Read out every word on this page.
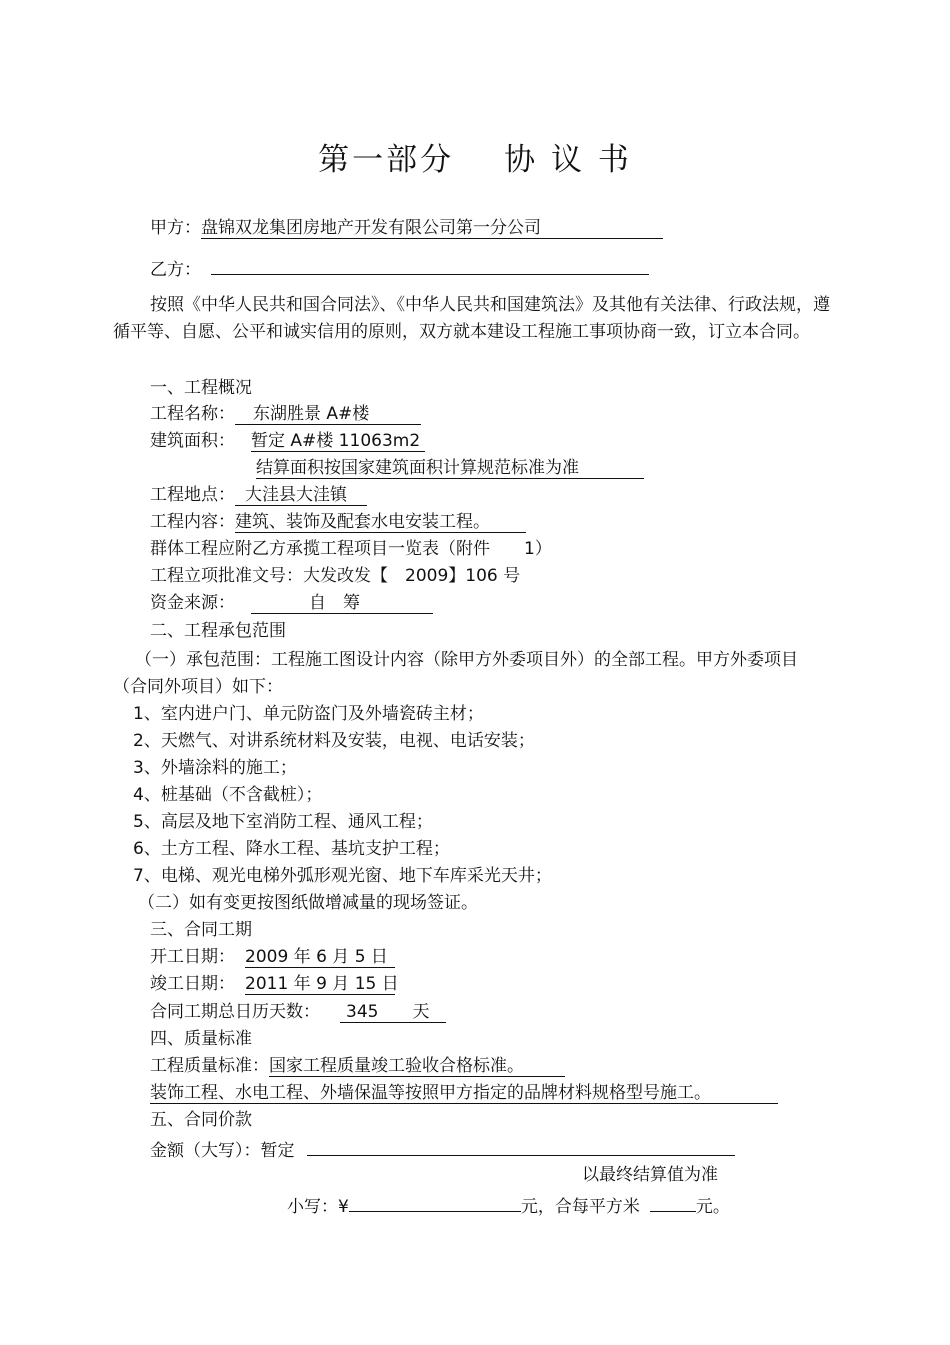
第一部分 协 议 书
甲方：盘锦双龙集团房地产开发有限公司第一分公司
乙方：
按照《中华人民共和国合同法》、《中华人民共和国建筑法》及其他有关法律、行政法规，遵循平等、自愿、公平和诚实信用的原则，双方就本建设工程施工事项协商一致，订立本合同。
一、工程概况
工程名称： 东湖胜景 A#楼
建筑面积： 暂定 A#楼 11063m2
结算面积按国家建筑面积计算规范标准为准
工程地点： 大洼县大洼镇
工程内容：建筑、装饰及配套水电安装工程。
群体工程应附乙方承揽工程项目一览表（附件　　1）
工程立项批准文号：大发改发【　2009】106 号
资金来源：	自　筹
二、工程承包范围
（一）承包范围：工程施工图设计内容（除甲方外委项目外）的全部工程。甲方外委项目（合同外项目）如下：
1、室内进户门、单元防盗门及外墙瓷砖主材；
2、天燃气、对讲系统材料及安装，电视、电话安装；
3、外墙涂料的施工；
4、桩基础（不含截桩）；
5、高层及地下室消防工程、通风工程；
6、土方工程、降水工程、基坑支护工程；
7、电梯、观光电梯外弧形观光窗、地下车库采光天井；
（二）如有变更按图纸做增减量的现场签证。
三、合同工期
开工日期： 2009 年 6 月 5 日
竣工日期： 2011 年 9 月 15 日
合同工期总日历天数： 345　　天
四、质量标准
工程质量标准：国家工程质量竣工验收合格标准。
装饰工程、水电工程、外墙保温等按照甲方指定的品牌材料规格型号施工。
五、合同价款
金额（大写）：暂定
以最终结算值为准
小写：¥	元，合每平方米	元。
